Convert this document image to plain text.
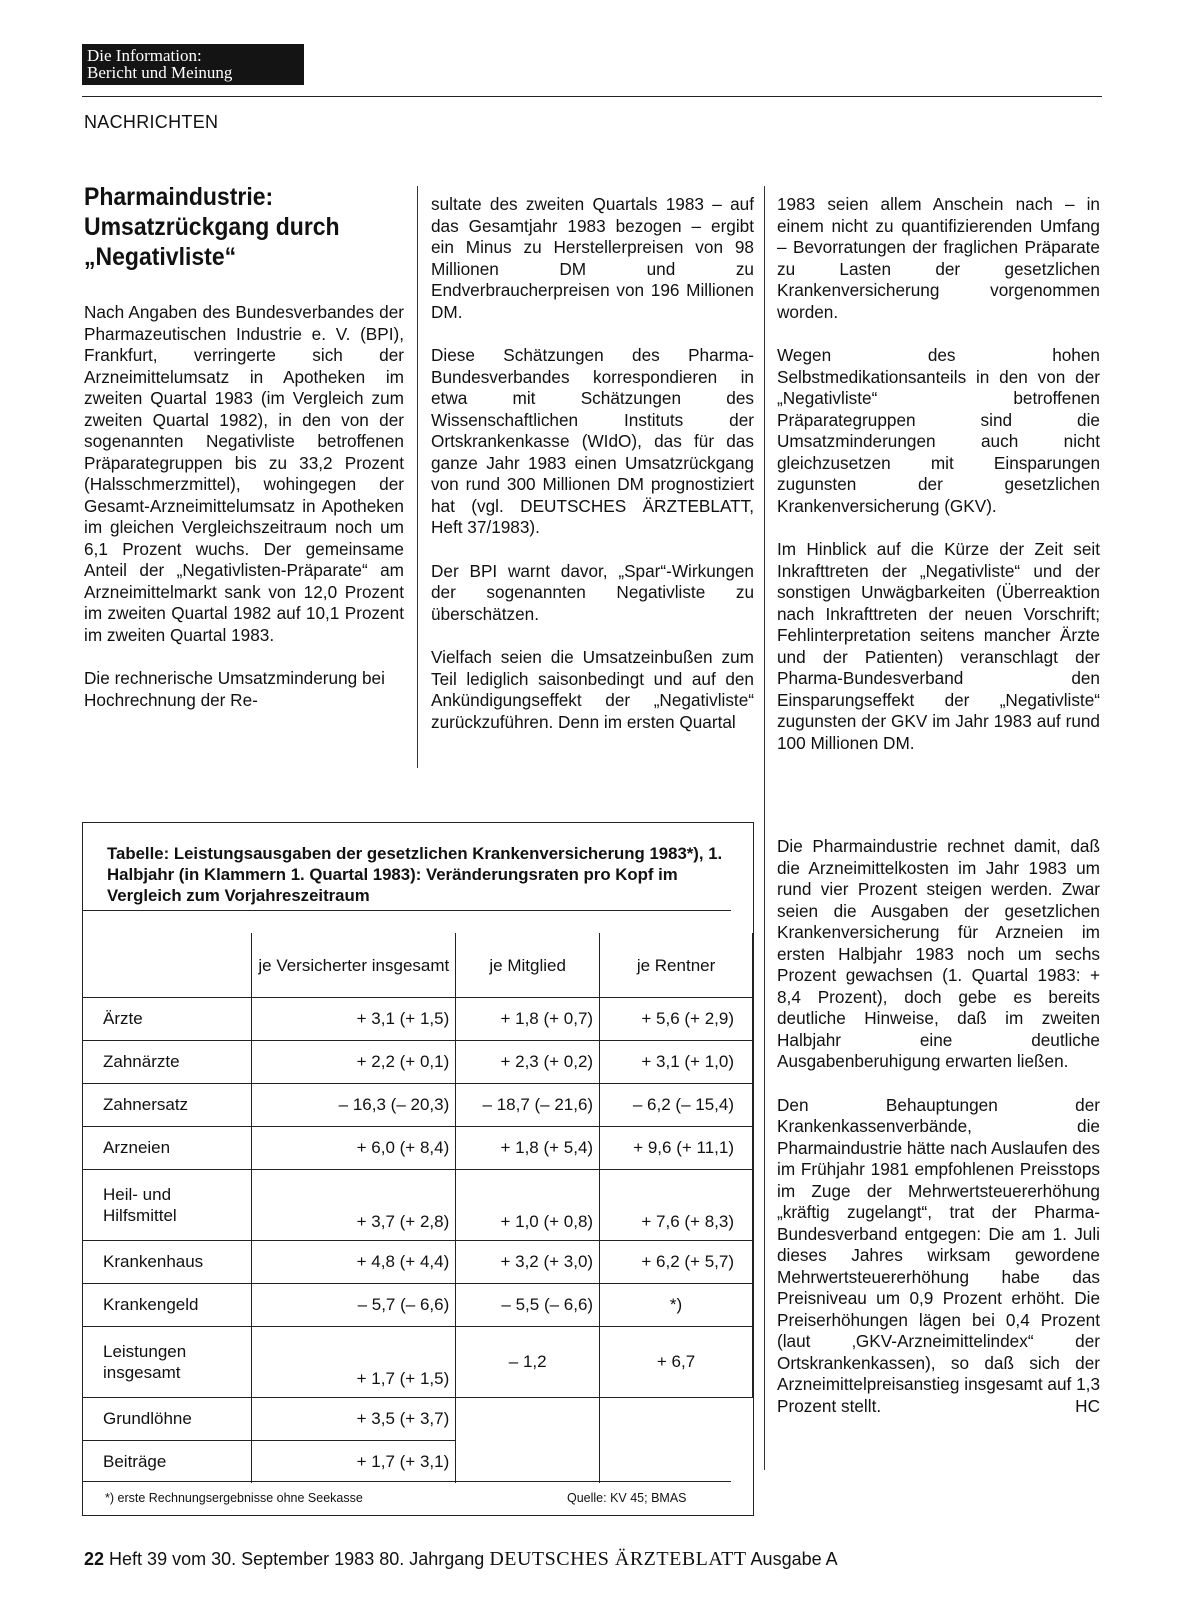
Die Information:
Bericht und Meinung
NACHRICHTEN
Pharmaindustrie:
Umsatzrückgang durch
„Negativliste“

Nach Angaben des Bundesverbandes der Pharmazeutischen Industrie e. V. (BPI), Frankfurt, verringerte sich der Arzneimittelumsatz in Apotheken im zweiten Quartal 1983 (im Vergleich zum zweiten Quartal 1982), in den von der sogenannten Negativliste betroffenen Präparategruppen bis zu 33,2 Prozent (Halsschmerzmittel), wohingegen der Gesamt-Arzneimittelumsatz in Apotheken im gleichen Vergleichszeitraum noch um 6,1 Prozent wuchs. Der gemeinsame Anteil der „Negativlisten-Präparate“ am Arzneimittelmarkt sank von 12,0 Prozent im zweiten Quartal 1982 auf 10,1 Prozent im zweiten Quartal 1983.

Die rechnerische Umsatzminderung bei Hochrechnung der Re-

sultate des zweiten Quartals 1983 – auf das Gesamtjahr 1983 bezogen – ergibt ein Minus zu Herstellerpreisen von 98 Millionen DM und zu Endverbraucherpreisen von 196 Millionen DM.

Diese Schätzungen des Pharma-Bundesverbandes korrespondieren in etwa mit Schätzungen des Wissenschaftlichen Instituts der Ortskrankenkasse (WIdO), das für das ganze Jahr 1983 einen Umsatzrückgang von rund 300 Millionen DM prognostiziert hat (vgl. DEUTSCHES ÄRZTEBLATT, Heft 37/1983).

Der BPI warnt davor, „Spar“-Wirkungen der sogenannten Negativliste zu überschätzen.

Vielfach seien die Umsatzeinbußen zum Teil lediglich saisonbedingt und auf den Ankündigungseffekt der „Negativliste“ zurückzuführen. Denn im ersten Quartal

1983 seien allem Anschein nach – in einem nicht zu quantifizierenden Umfang – Bevorratungen der fraglichen Präparate zu Lasten der gesetzlichen Krankenversicherung vorgenommen worden.

Wegen des hohen Selbstmedikationsanteils in den von der „Negativliste“ betroffenen Präparategruppen sind die Umsatzminderungen auch nicht gleichzusetzen mit Einsparungen zugunsten der gesetzlichen Krankenversicherung (GKV).

Im Hinblick auf die Kürze der Zeit seit Inkrafttreten der „Negativliste“ und der sonstigen Unwägbarkeiten (Überreaktion nach Inkrafttreten der neuen Vorschrift; Fehlinterpretation seitens mancher Ärzte und der Patienten) veranschlagt der Pharma-Bundesverband den Einsparungseffekt der „Negativliste“ zugunsten der GKV im Jahr 1983 auf rund 100 Millionen DM.

Die Pharmaindustrie rechnet damit, daß die Arzneimittelkosten im Jahr 1983 um rund vier Prozent steigen werden. Zwar seien die Ausgaben der gesetzlichen Krankenversicherung für Arzneien im ersten Halbjahr 1983 noch um sechs Prozent gewachsen (1. Quartal 1983: + 8,4 Prozent), doch gebe es bereits deutliche Hinweise, daß im zweiten Halbjahr eine deutliche Ausgabenberuhigung erwarten ließen.

Den Behauptungen der Krankenkassenverbände, die Pharmaindustrie hätte nach Auslaufen des im Frühjahr 1981 empfohlenen Preisstops im Zuge der Mehrwertsteuererhöhung „kräftig zugelangt“, trat der Pharma-Bundesverband entgegen: Die am 1. Juli dieses Jahres wirksam gewordene Mehrwertsteuererhöhung habe das Preisniveau um 0,9 Prozent erhöht. Die Preiserhöhungen lägen bei 0,4 Prozent (laut ‚GKV-Arzneimittelindex“ der Ortskrankenkassen), so daß sich der Arzneimittelpreisanstieg insgesamt auf 1,3 Prozent stellt.	HC

Tabelle: Leistungsausgaben der gesetzlichen Krankenversicherung 1983*), 1. Halbjahr (in Klammern 1. Quartal 1983): Veränderungsraten pro Kopf im Vergleich zum Vorjahreszeitraum
	je Versicherter insgesamt	je Mitglied	je Rentner
Ärzte	+ 3,1 (+ 1,5)	+ 1,8 (+ 0,7)	+ 5,6 (+ 2,9)
Zahnärzte	+ 2,2 (+ 0,1)	+ 2,3 (+ 0,2)	+ 3,1 (+ 1,0)
Zahnersatz	– 16,3 (– 20,3)	– 18,7 (– 21,6)	– 6,2 (– 15,4)
Arzneien	+ 6,0 (+ 8,4)	+ 1,8 (+ 5,4)	+ 9,6 (+ 11,1)
Heil- und Hilfsmittel	+ 3,7 (+ 2,8)	+ 1,0 (+ 0,8)	+ 7,6 (+ 8,3)
Krankenhaus	+ 4,8 (+ 4,4)	+ 3,2 (+ 3,0)	+ 6,2 (+ 5,7)
Krankengeld	– 5,7 (– 6,6)	– 5,5 (– 6,6)	*)
Leistungen insgesamt	+ 1,7 (+ 1,5)	– 1,2	+ 6,7
Grundlöhne	+ 3,5 (+ 3,7)		
Beiträge	+ 1,7 (+ 3,1)		
*) erste Rechnungsergebnisse ohne Seekasse	Quelle: KV 45; BMAS
22 Heft 39 vom 30. September 1983 80. Jahrgang DEUTSCHES ÄRZTEBLATT Ausgabe A
